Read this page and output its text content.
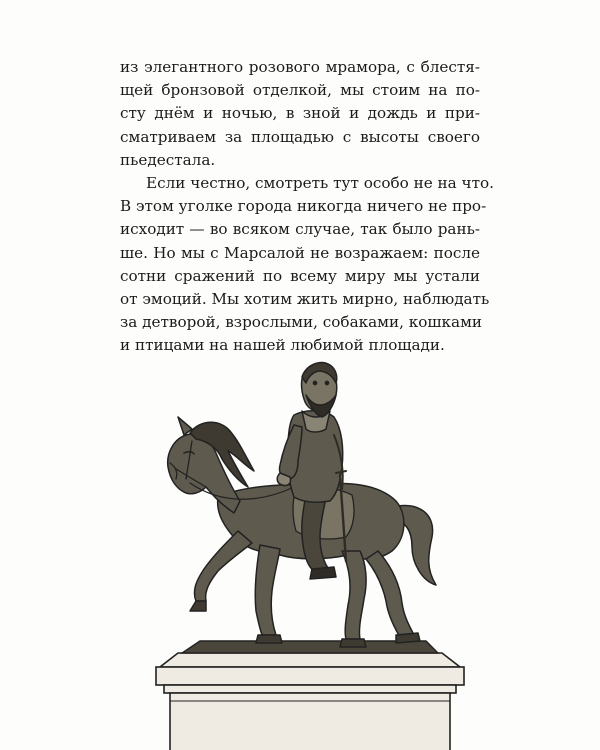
из элегантного розового мрамора, с блестя-
щей бронзовой отделкой, мы стоим на по-
сту днём и ночью, в зной и дождь и при-
сматриваем за площадью с высоты своего
пьедестала.

Если честно, смотреть тут особо не на что.
В этом уголке города никогда ничего не про-
исходит — во всяком случае, так было рань-
ше. Но мы с Марсалой не возражаем: после
сотни сражений по всему миру мы устали
от эмоций. Мы хотим жить мирно, наблюдать
за детворой, взрослыми, собаками, кошками
и птицами на нашей любимой площади.
